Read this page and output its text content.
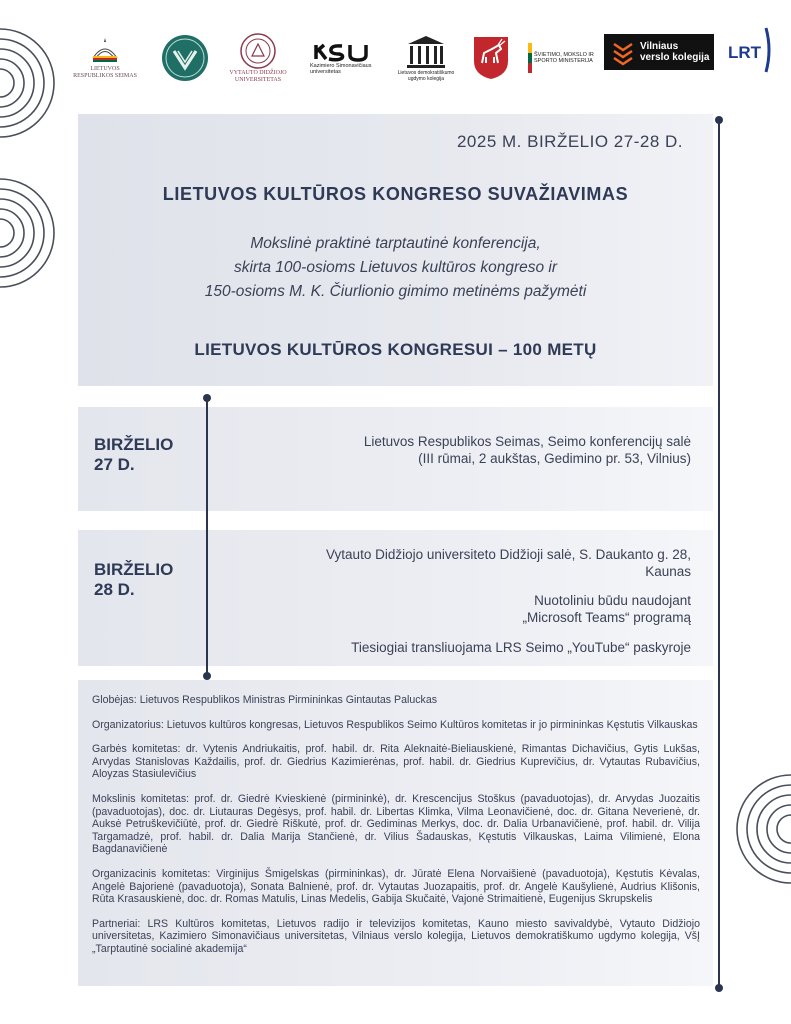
LIETUVOS RESPUBLIKOS SEIMAS	VYTAUTO DIDŽIOJO UNIVERSITETAS
Kazimiero Simonavičiaus universitetas	Lietuvos demokratiškumo ugdymo kolegija
ŠVIETIMO, MOKSLO IR SPORTO MINISTERIJA
Vilniaus verslo kolegija LRT
2025 M. BIRŽELIO 27-28 D.
LIETUVOS KULTŪROS KONGRESO SUVAŽIAVIMAS
Mokslinė praktinė tarptautinė konferencija,
skirta 100-osioms Lietuvos kultūros kongreso ir
150-osioms M. K. Čiurlionio gimimo metinėms pažymėti
LIETUVOS KULTŪROS KONGRESUI – 100 METŲ
BIRŽELIO
27 D.
Lietuvos Respublikos Seimas, Seimo konferencijų salė
(III rūmai, 2 aukštas, Gedimino pr. 53, Vilnius)
BIRŽELIO
28 D.
Vytauto Didžiojo universiteto Didžioji salė, S. Daukanto g. 28,
Kaunas
Nuotoliniu būdu naudojant
„Microsoft Teams“ programą
Tiesiogiai transliuojama LRS Seimo „YouTube“ paskyroje

Globėjas: Lietuvos Respublikos Ministras Pirmininkas Gintautas Paluckas

Organizatorius: Lietuvos kultūros kongresas, Lietuvos Respublikos Seimo Kultūros komitetas ir jo pirmininkas Kęstutis Vilkauskas

Garbės komitetas: dr. Vytenis Andriukaitis, prof. habil. dr. Rita Aleknaitė-Bieliauskienė, Rimantas Dichavičius, Gytis Lukšas, Arvydas Stanislovas Každailis, prof. dr. Giedrius Kazimierėnas, prof. habil. dr. Giedrius Kuprevičius, dr. Vytautas Rubavičius, Aloyzas Stasiulevičius

Mokslinis komitetas: prof. dr. Giedrė Kvieskienė (pirmininkė), dr. Krescencijus Stoškus (pavaduotojas), dr. Arvydas Juozaitis (pavaduotojas), doc. dr. Liutauras Degėsys, prof. habil. dr. Libertas Klimka, Vilma Leonavičienė, doc. dr. Gitana Neverienė, dr. Auksė Petruškevičiūtė, prof. dr. Giedrė Riškutė, prof. dr. Gediminas Merkys, doc. dr. Dalia Urbanavičienė, prof. habil. dr. Vilija Targamadzė, prof. habil. dr. Dalia Marija Stančienė, dr. Vilius Šadauskas, Kęstutis Vilkauskas, Laima Vilimienė, Elona Bagdanavičienė

Organizacinis komitetas: Virginijus Šmigelskas (pirmininkas), dr. Jūratė Elena Norvaišienė (pavaduotoja), Kęstutis Kėvalas, Angelė Bajorienė (pavaduotoja), Sonata Balnienė, prof. dr. Vytautas Juozapaitis, prof. dr. Angelė Kaušylienė, Audrius Klišonis, Rūta Krasauskienė, doc. dr. Romas Matulis, Linas Medelis, Gabija Skučaitė, Vajonė Strimaitienė, Eugenijus Skrupskelis

Partneriai: LRS Kultūros komitetas, Lietuvos radijo ir televizijos komitetas, Kauno miesto savivaldybė, Vytauto Didžiojo universitetas, Kazimiero Simonavičiaus universitetas, Vilniaus verslo kolegija, Lietuvos demokratiškumo ugdymo kolegija, VšĮ „Tarptautinė socialinė akademija“
